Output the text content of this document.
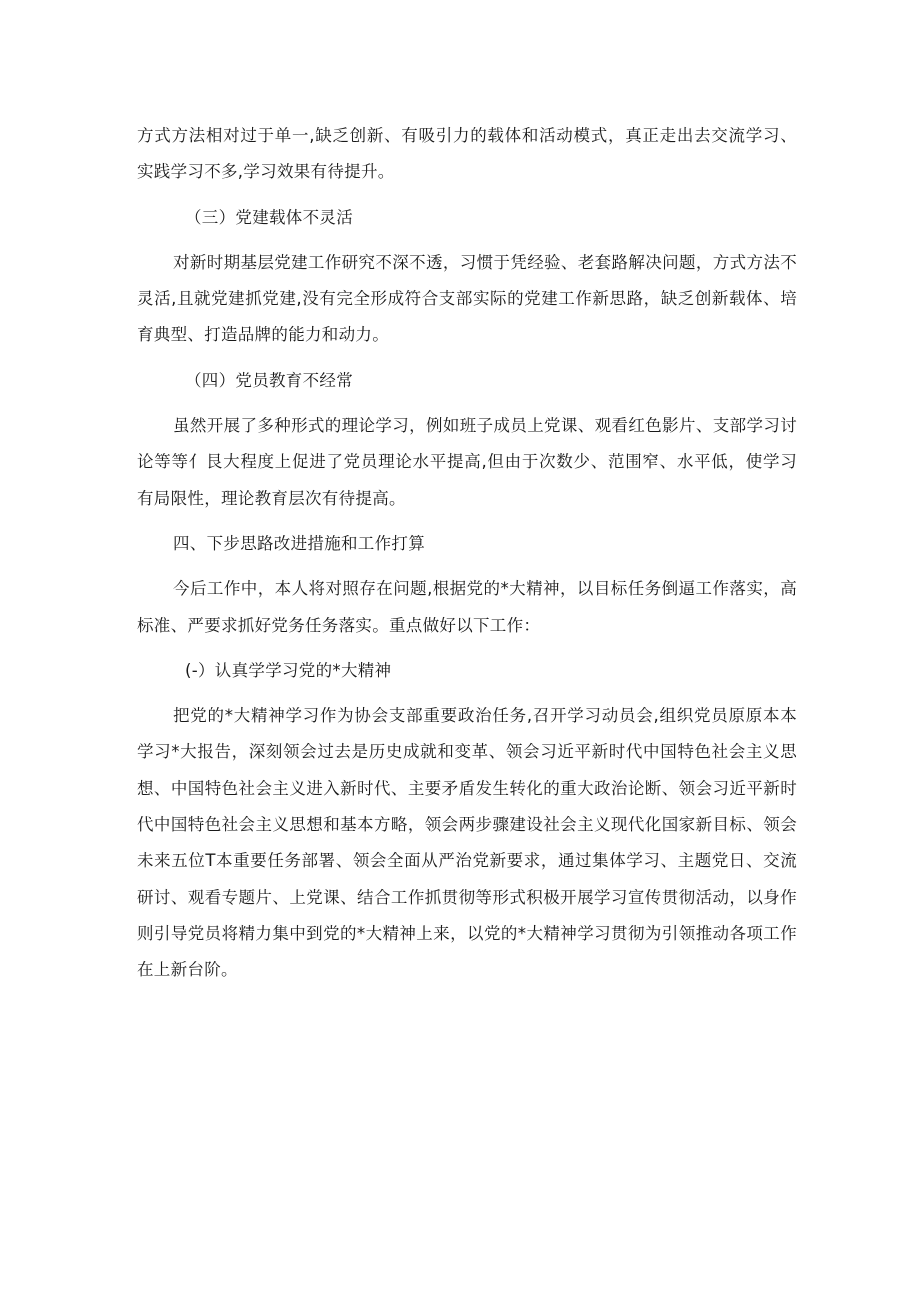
方式方法相对过于单一,缺乏创新、有吸引力的载体和活动模式，真正走出去交流学习、实践学习不多,学习效果有待提升。

（三）党建载体不灵活

对新时期基层党建工作研究不深不透，习惯于凭经验、老套路解决问题，方式方法不灵活,且就党建抓党建,没有完全形成符合支部实际的党建工作新思路，缺乏创新载体、培育典型、打造品牌的能力和动力。

（四）党员教育不经常

虽然开展了多种形式的理论学习，例如班子成员上党课、观看红色影片、支部学习讨论等等亻艮大程度上促进了党员理论水平提高,但由于次数少、范围窄、水平低，使学习有局限性，理论教育层次有待提高。

四、下步思路改进措施和工作打算

今后工作中，本人将对照存在问题,根据党的*大精神，以目标任务倒逼工作落实，高标准、严要求抓好党务任务落实。重点做好以下工作：

(-）认真学学习党的*大精神

把党的*大精神学习作为协会支部重要政治任务,召开学习动员会,组织党员原原本本学习*大报告，深刻领会过去是历史成就和变革、领会习近平新时代中国特色社会主义思想、中国特色社会主义进入新时代、主要矛盾发生转化的重大政治论断、领会习近平新时代中国特色社会主义思想和基本方略，领会两步骤建设社会主义现代化国家新目标、领会未来五位T本重要任务部署、领会全面从严治党新要求，通过集体学习、主题党日、交流研讨、观看专题片、上党课、结合工作抓贯彻等形式积极开展学习宣传贯彻活动，以身作则引导党员将精力集中到党的*大精神上来，以党的*大精神学习贯彻为引领推动各项工作在上新台阶。
